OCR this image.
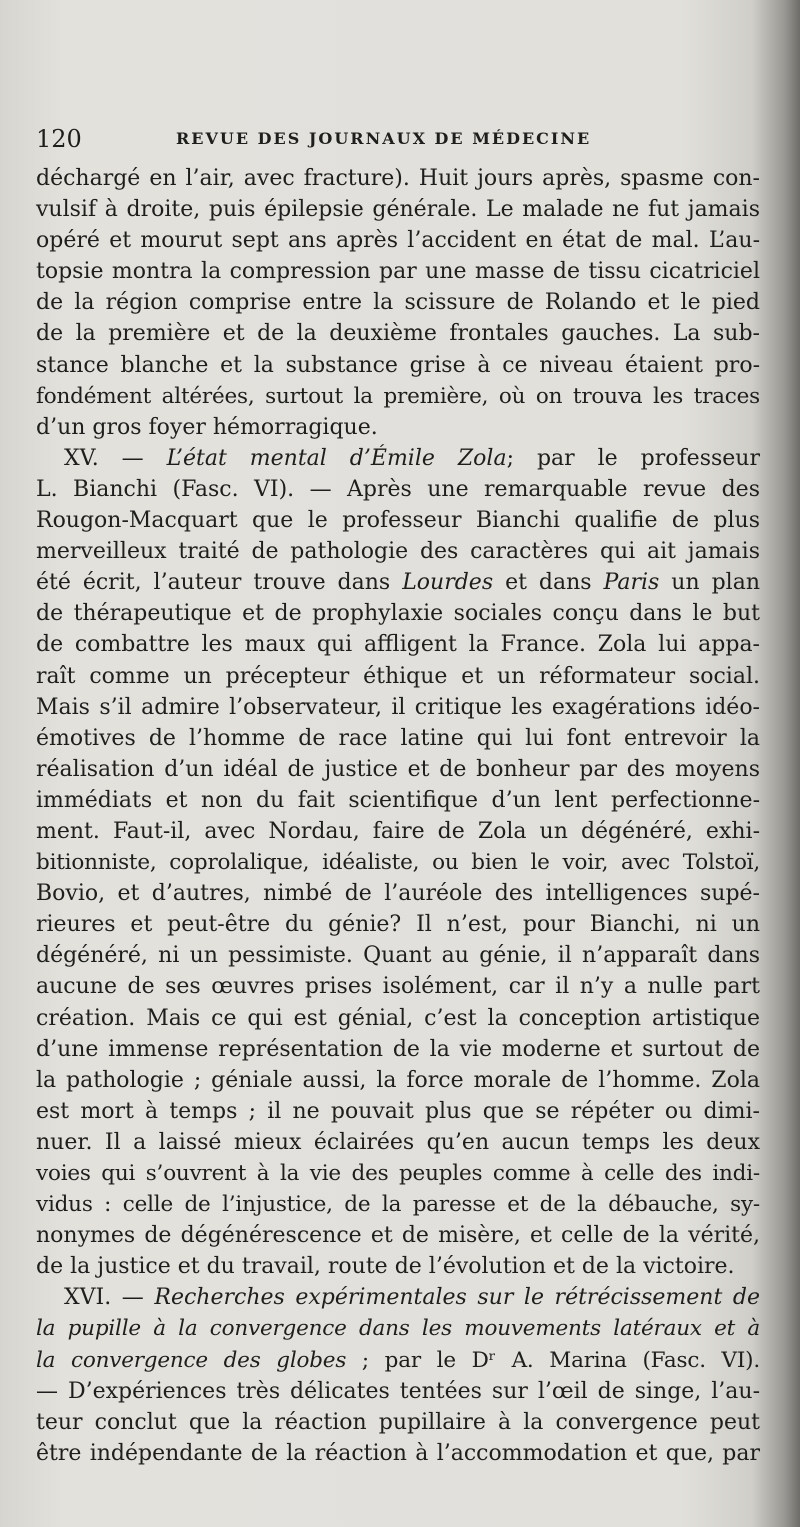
120	REVUE DES JOURNAUX DE MÉDECINE
déchargé en l’air, avec fracture). Huit jours après, spasme con-
vulsif à droite, puis épilepsie générale. Le malade ne fut jamais
opéré et mourut sept ans après l’accident en état de mal. L’au-
topsie montra la compression par une masse de tissu cicatriciel
de la région comprise entre la scissure de Rolando et le pied
de la première et de la deuxième frontales gauches. La sub-
stance blanche et la substance grise à ce niveau étaient pro-
fondément altérées, surtout la première, où on trouva les traces
d’un gros foyer hémorragique.
XV. — L’état mental d’Émile Zola; par le professeur
L. Bianchi (Fasc. VI). — Après une remarquable revue des
Rougon-Macquart que le professeur Bianchi qualifie de plus
merveilleux traité de pathologie des caractères qui ait jamais
été écrit, l’auteur trouve dans Lourdes et dans Paris un plan
de thérapeutique et de prophylaxie sociales conçu dans le but
de combattre les maux qui affligent la France. Zola lui appa-
raît comme un précepteur éthique et un réformateur social.
Mais s’il admire l’observateur, il critique les exagérations idéo-
émotives de l’homme de race latine qui lui font entrevoir la
réalisation d’un idéal de justice et de bonheur par des moyens
immédiats et non du fait scientifique d’un lent perfectionne-
ment. Faut-il, avec Nordau, faire de Zola un dégénéré, exhi-
bitionniste, coprolalique, idéaliste, ou bien le voir, avec Tolstoï,
Bovio, et d’autres, nimbé de l’auréole des intelligences supé-
rieures et peut-être du génie? Il n’est, pour Bianchi, ni un
dégénéré, ni un pessimiste. Quant au génie, il n’apparaît dans
aucune de ses œuvres prises isolément, car il n’y a nulle part
création. Mais ce qui est génial, c’est la conception artistique
d’une immense représentation de la vie moderne et surtout de
la pathologie ; géniale aussi, la force morale de l’homme. Zola
est mort à temps ; il ne pouvait plus que se répéter ou dimi-
nuer. Il a laissé mieux éclairées qu’en aucun temps les deux
voies qui s’ouvrent à la vie des peuples comme à celle des indi-
vidus : celle de l’injustice, de la paresse et de la débauche, sy-
nonymes de dégénérescence et de misère, et celle de la vérité,
de la justice et du travail, route de l’évolution et de la victoire.
XVI. — Recherches expérimentales sur le rétrécissement de
la pupille à la convergence dans les mouvements latéraux et à
la convergence des globes ; par le Dʳ A. Marina (Fasc. VI).
— D’expériences très délicates tentées sur l’œil de singe, l’au-
teur conclut que la réaction pupillaire à la convergence peut
être indépendante de la réaction à l’accommodation et que, par
